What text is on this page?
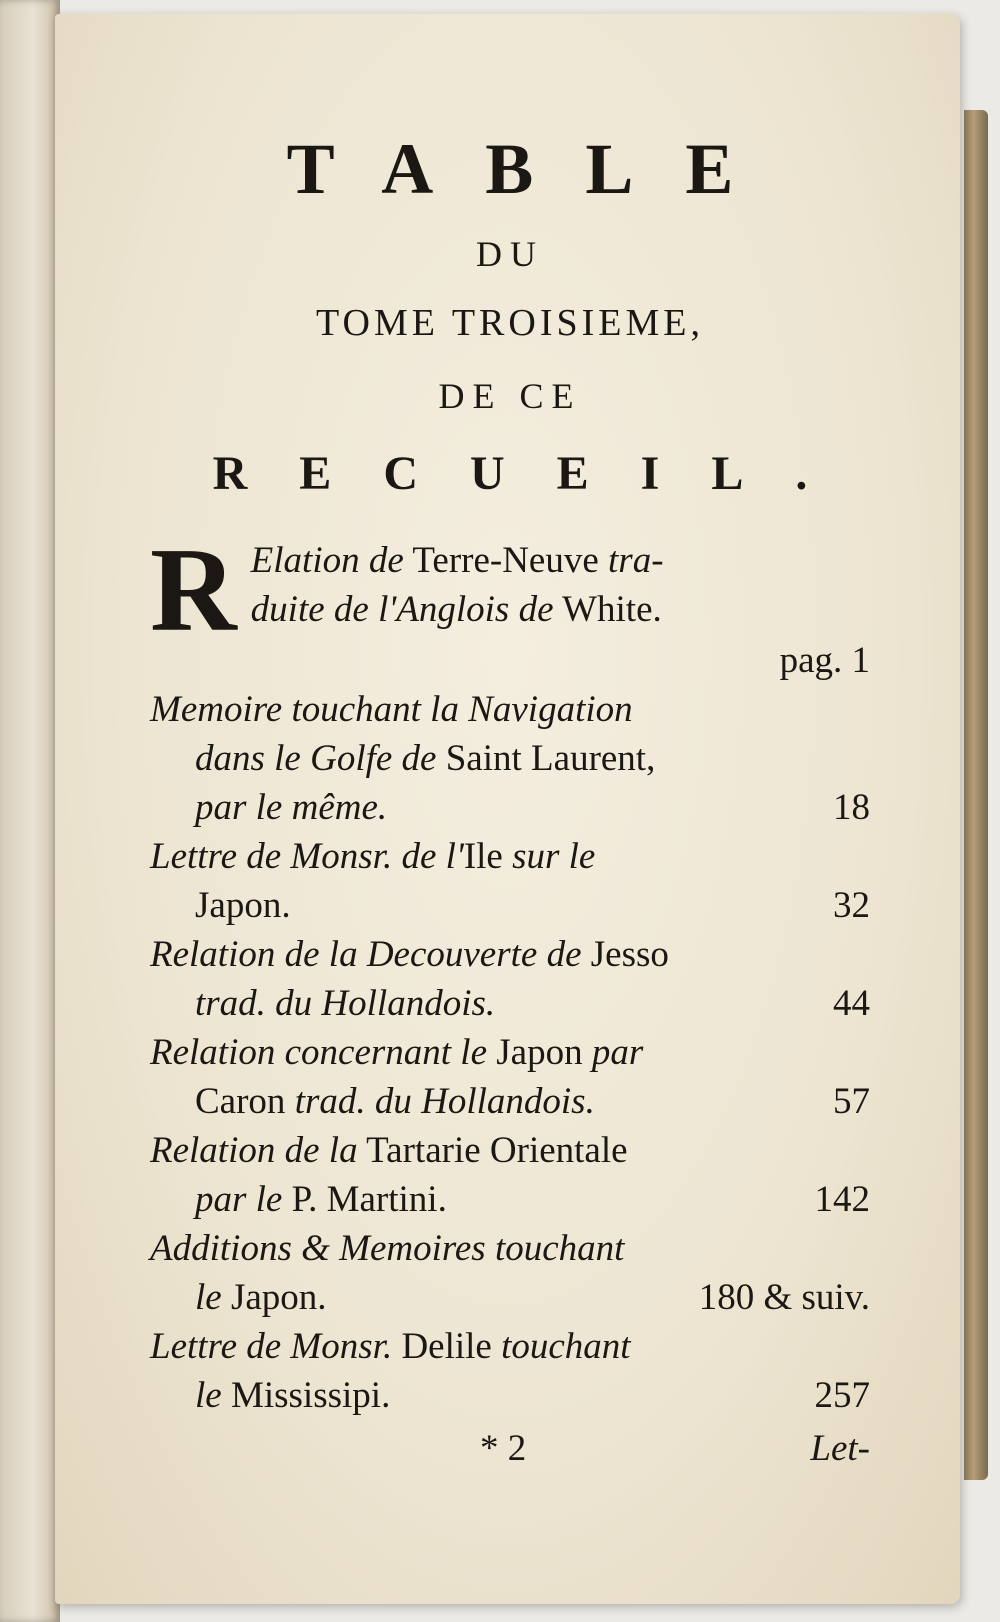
TABLE
DU
TOME TROISIEME,
DE CE
RECUEIL.
R Elation de Terre-Neuve tra-
duite de l'Anglois de White.
pag. 1
Memoire touchant la Navigation
dans le Golfe de Saint Laurent,
par le même.	18
Lettre de Monsr. de l'Ile sur le
Japon.	32
Relation de la Decouverte de Jesso
trad. du Hollandois.	44
Relation concernant le Japon par
Caron trad. du Hollandois.	57
Relation de la Tartarie Orientale
par le P. Martini.	142
Additions & Memoires touchant
le Japon.	180 & suiv.
Lettre de Monsr. Delile touchant
le Mississipi.	257
* 2	Let-
